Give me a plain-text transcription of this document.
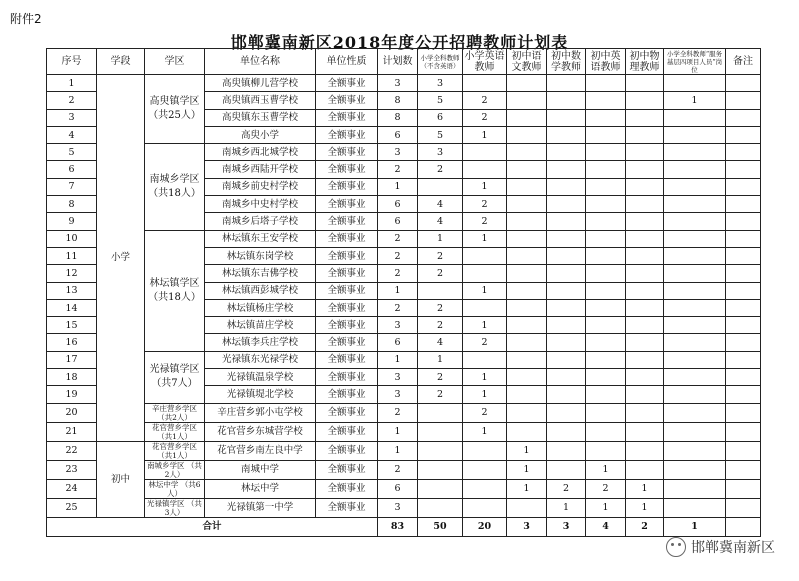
附件2
邯郸冀南新区2018年度公开招聘教师计划表
序号	学段	学区	单位名称	单位性质	计划数	小学全科教师（不含英语）	小学英语教师	初中语文教师	初中数学教师	初中英语教师	初中物理教师	小学全科教师“服务基层四项目人员”岗位	备注
1	小学	高臾镇学区（共25人）	高臾镇柳儿营学校	全额事业	3	3							
2			高臾镇西玉曹学校	全额事业	8	5	2					1	
3			高臾镇东玉曹学校	全额事业	8	6	2						
4			高臾小学	全额事业	6	5	1						
5		南城乡学区（共18人）	南城乡西北城学校	全额事业	3	3							
6			南城乡西陆开学校	全额事业	2	2							
7			南城乡前史村学校	全额事业	1		1						
8			南城乡中史村学校	全额事业	6	4	2						
9			南城乡后塔子学校	全额事业	6	4	2						
10		林坛镇学区（共18人）	林坛镇东王安学校	全额事业	2	1	1						
11			林坛镇东岗学校	全额事业	2	2							
12			林坛镇东吉佛学校	全额事业	2	2							
13			林坛镇西彭城学校	全额事业	1		1						
14			林坛镇杨庄学校	全额事业	2	2							
15			林坛镇苗庄学校	全额事业	3	2	1						
16			林坛镇李兵庄学校	全额事业	6	4	2						
17		光禄镇学区（共7人）	光禄镇东光禄学校	全额事业	1	1							
18			光禄镇温泉学校	全额事业	3	2	1						
19			光禄镇堤北学校	全额事业	3	2	1						
20		辛庄营乡学区（共2人）	辛庄营乡郭小屯学校	全额事业	2		2						
21		花官营乡学区（共1人）	花官营乡东城营学校	全额事业	1		1						
22	初中	花官营乡学区（共1人）	花官营乡南左良中学	全额事业	1			1					
23		南城乡学区 （共2人）	南城中学	全额事业	2			1		1			
24		林坛中学 （共6人）	林坛中学	全额事业	6			1	2	2	1		
25		光禄镇学区 （共3人）	光禄镇第一中学	全额事业	3				1	1	1		
合计					83	50	20	3	3	4	2	1	
邯郸冀南新区
